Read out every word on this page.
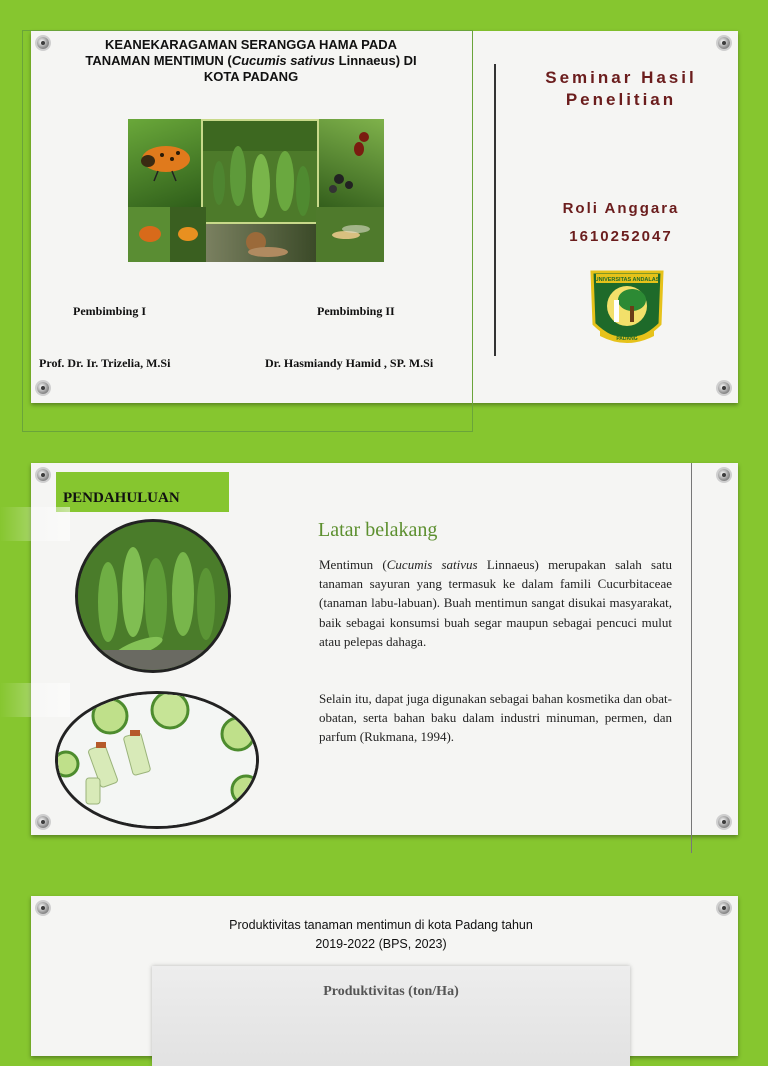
KEANEKARAGAMAN SERANGGA HAMA PADA
TANAMAN MENTIMUN (Cucumis sativus Linnaeus) DI
KOTA PADANG
Pembimbing I	Pembimbing II
Prof. Dr. Ir. Trizelia, M.Si	Dr. Hasmiandy Hamid , SP. M.Si
Seminar Hasil
Penelitian
Roli Anggara
1610252047
UNIVERSITAS ANDALAS
PADANG
PENDAHULUAN
Latar belakang
Mentimun (Cucumis sativus Linnaeus) merupakan salah satu tanaman sayuran yang termasuk ke dalam famili Cucurbitaceae (tanaman labu-labuan). Buah mentimun sangat disukai masyarakat, baik sebagai konsumsi buah segar maupun sebagai pencuci mulut atau pelepas dahaga.
Selain itu, dapat juga digunakan sebagai bahan kosmetika dan obat-obatan, serta bahan baku dalam industri minuman, permen, dan parfum (Rukmana, 1994).
Produktivitas tanaman mentimun di kota Padang tahun
2019-2022 (BPS, 2023)
Produktivitas (ton/Ha)
